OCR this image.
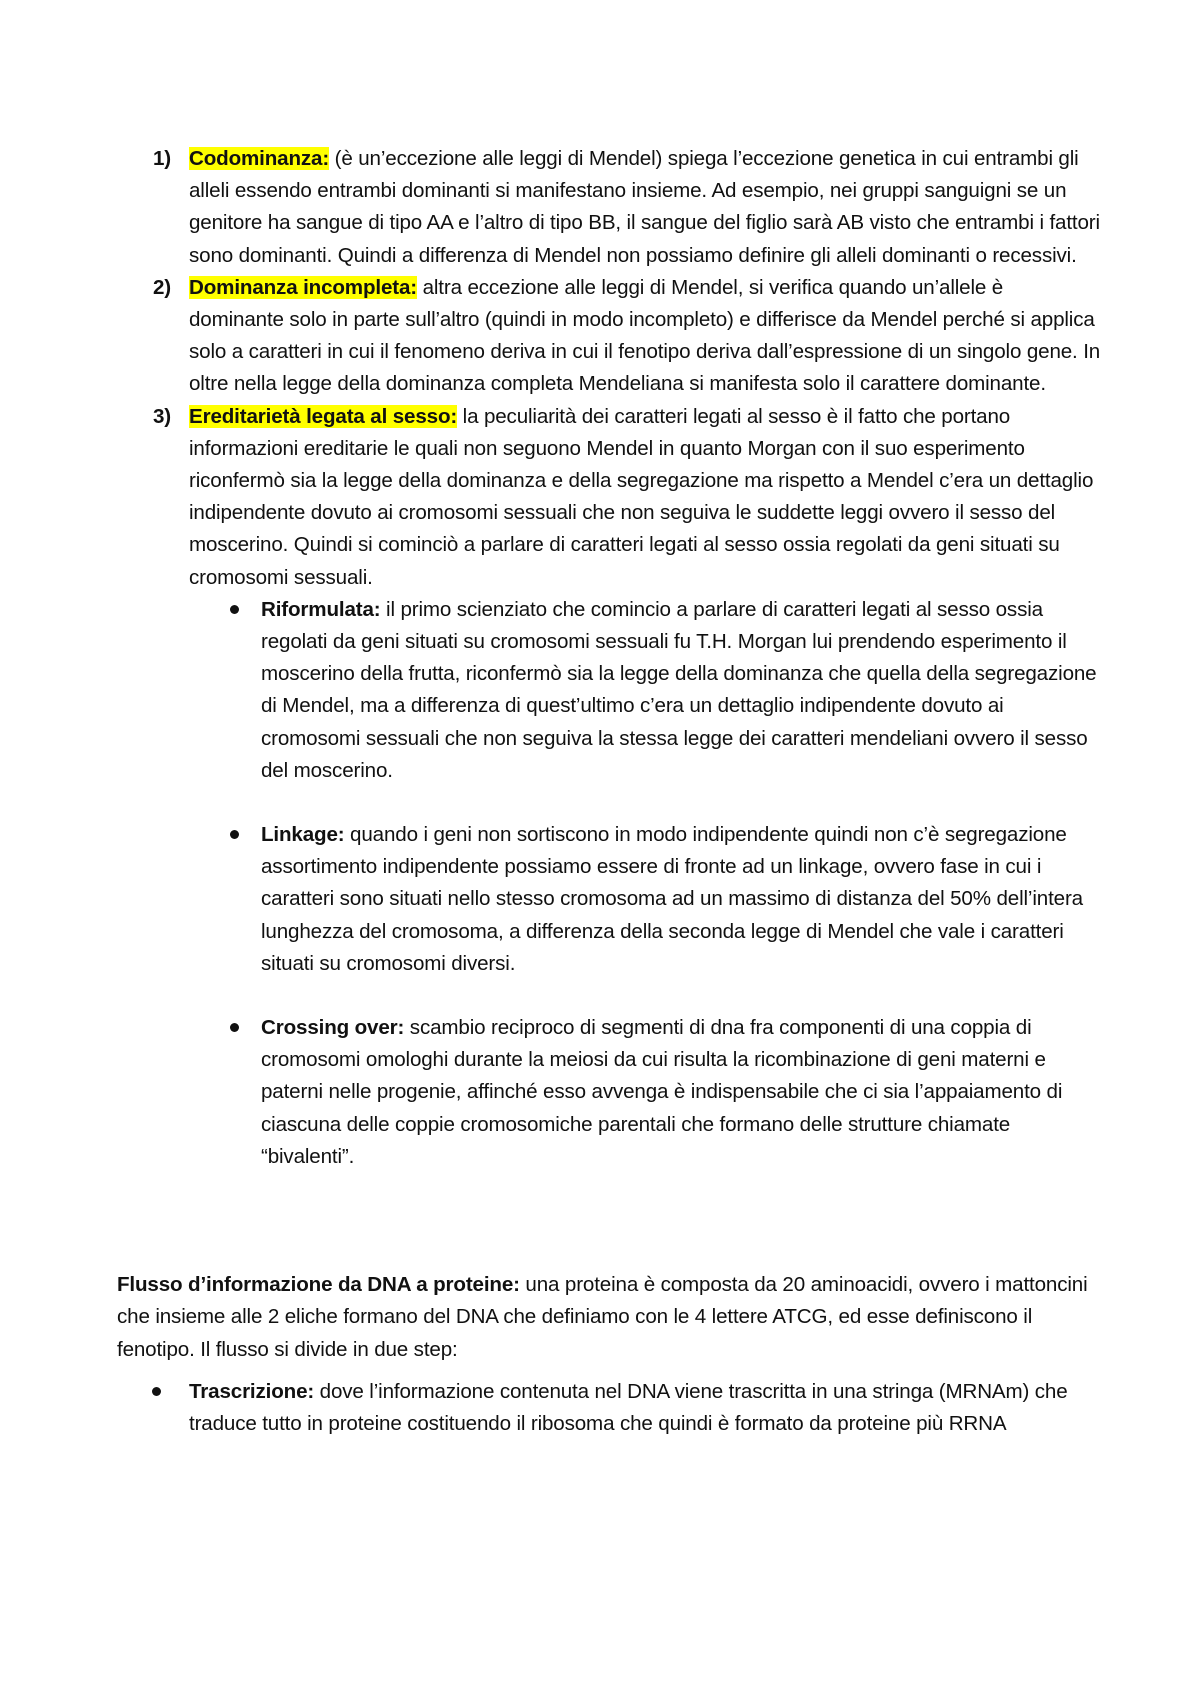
1) Codominanza: (è un’eccezione alle leggi di Mendel) spiega l’eccezione genetica in cui entrambi gli alleli essendo entrambi dominanti si manifestano insieme. Ad esempio, nei gruppi sanguigni se un genitore ha sangue di tipo AA e l’altro di tipo BB, il sangue del figlio sarà AB visto che entrambi i fattori sono dominanti. Quindi a differenza di Mendel non possiamo definire gli alleli dominanti o recessivi.
2) Dominanza incompleta: altra eccezione alle leggi di Mendel, si verifica quando un’allele è dominante solo in parte sull’altro (quindi in modo incompleto) e differisce da Mendel perché si applica solo a caratteri in cui il fenomeno deriva in cui il fenotipo deriva dall’espressione di un singolo gene. In oltre nella legge della dominanza completa Mendeliana si manifesta solo il carattere dominante.
3) Ereditarietà legata al sesso: la peculiarità dei caratteri legati al sesso è il fatto che portano informazioni ereditarie le quali non seguono Mendel in quanto Morgan con il suo esperimento riconfermò sia la legge della dominanza e della segregazione ma rispetto a Mendel c’era un dettaglio indipendente dovuto ai cromosomi sessuali che non seguiva le suddette leggi ovvero il sesso del moscerino. Quindi si cominciò a parlare di caratteri legati al sesso ossia regolati da geni situati su cromosomi sessuali.
Riformulata: il primo scienziato che comincio a parlare di caratteri legati al sesso ossia regolati da geni situati su cromosomi sessuali fu T.H. Morgan lui prendendo esperimento il moscerino della frutta, riconfermò sia la legge della dominanza che quella della segregazione di Mendel, ma a differenza di quest’ultimo c’era un dettaglio indipendente dovuto ai cromosomi sessuali che non seguiva la stessa legge dei caratteri mendeliani ovvero il sesso del moscerino.
Linkage: quando i geni non sortiscono in modo indipendente quindi non c’è segregazione assortimento indipendente possiamo essere di fronte ad un linkage, ovvero fase in cui i caratteri sono situati nello stesso cromosoma ad un massimo di distanza del 50% dell’intera lunghezza del cromosoma, a differenza della seconda legge di Mendel che vale i caratteri situati su cromosomi diversi.
Crossing over: scambio reciproco di segmenti di dna fra componenti di una coppia di cromosomi omologhi durante la meiosi da cui risulta la ricombinazione di geni materni e paterni nelle progenie, affinché esso avvenga è indispensabile che ci sia l’appaiamento di ciascuna delle coppie cromosomiche parentali che formano delle strutture chiamate “bivalenti”.
Flusso d’informazione da DNA a proteine: una proteina è composta da 20 aminoacidi, ovvero i mattoncini che insieme alle 2 eliche formano del DNA che definiamo con le 4 lettere ATCG, ed esse definiscono il fenotipo. Il flusso si divide in due step:
Trascrizione: dove l’informazione contenuta nel DNA viene trascritta in una stringa (MRNAm) che traduce tutto in proteine costituendo il ribosoma che quindi è formato da proteine più RRNA
